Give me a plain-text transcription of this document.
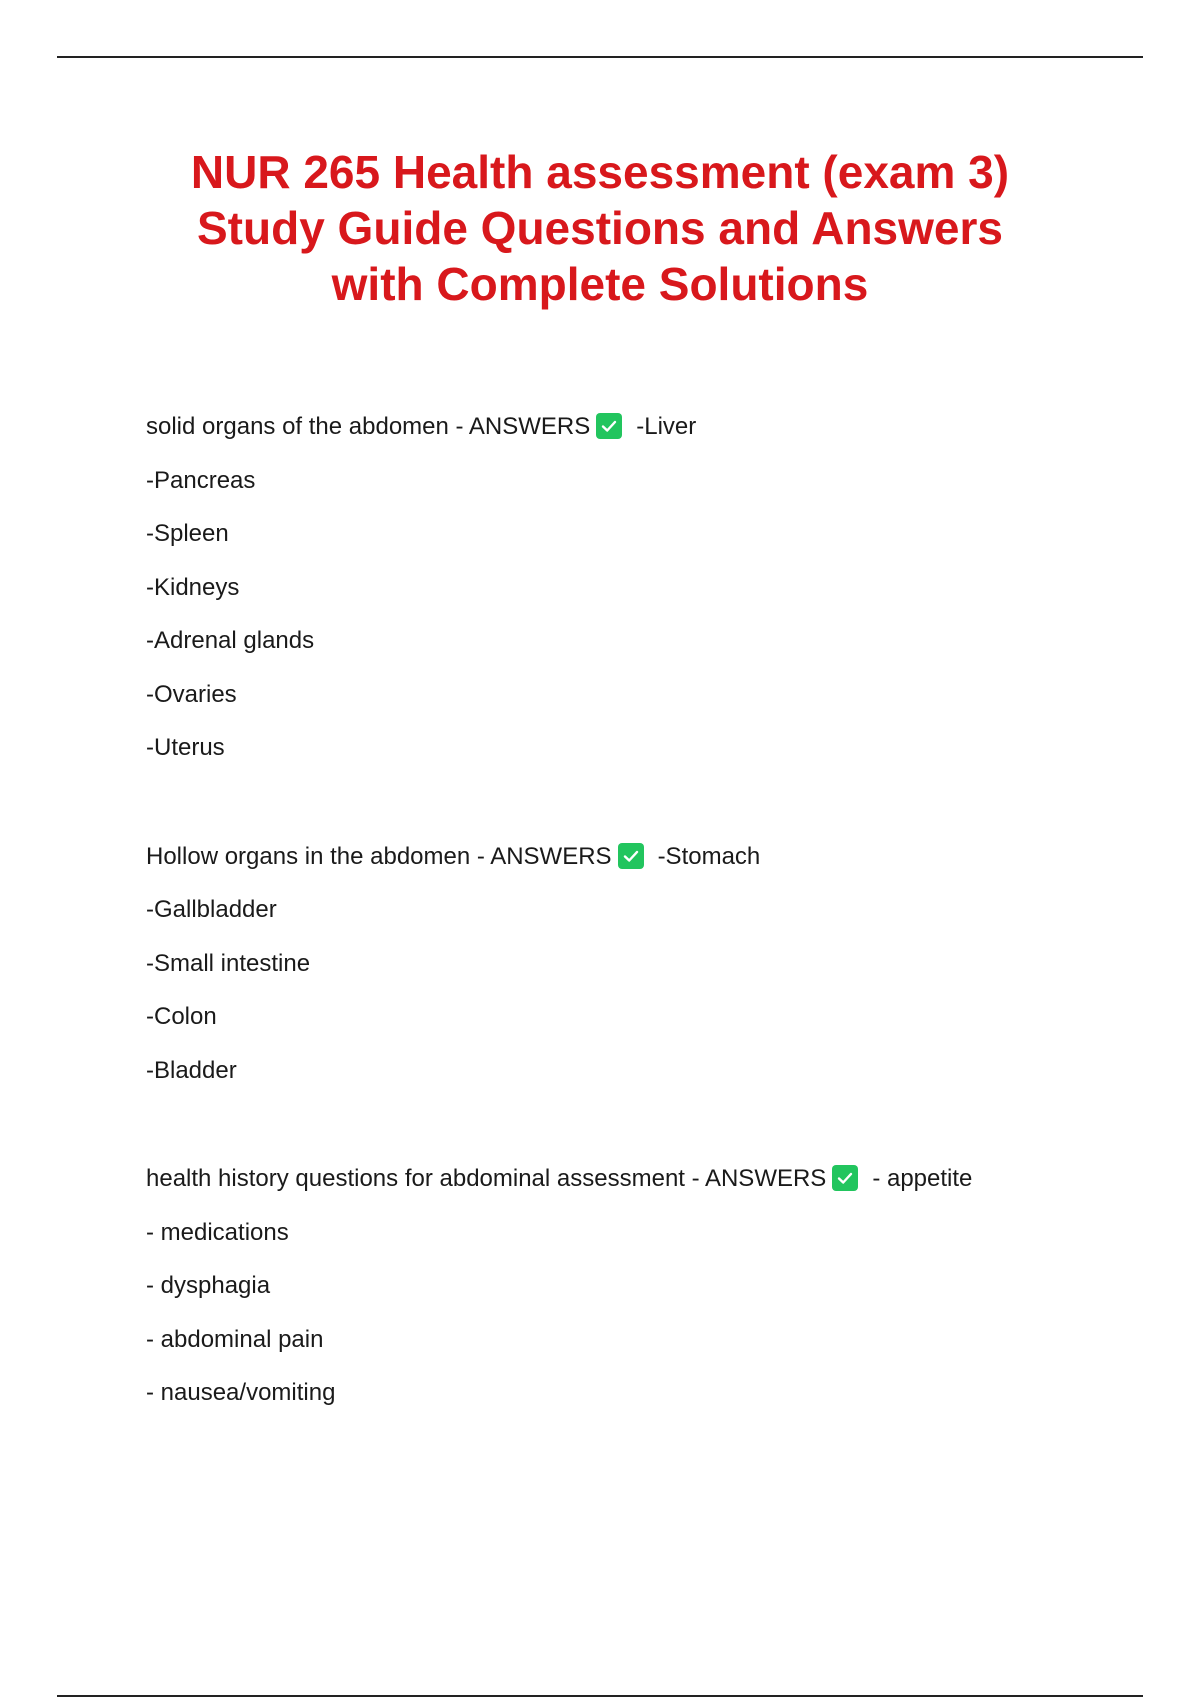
NUR 265 Health assessment (exam 3)
Study Guide Questions and Answers
with Complete Solutions
solid organs of the abdomen - ANSWERS -Liver
-Pancreas
-Spleen
-Kidneys
-Adrenal glands
-Ovaries
-Uterus
Hollow organs in the abdomen - ANSWERS -Stomach
-Gallbladder
-Small intestine
-Colon
-Bladder
health history questions for abdominal assessment - ANSWERS - appetite
- medications
- dysphagia
- abdominal pain
- nausea/vomiting
